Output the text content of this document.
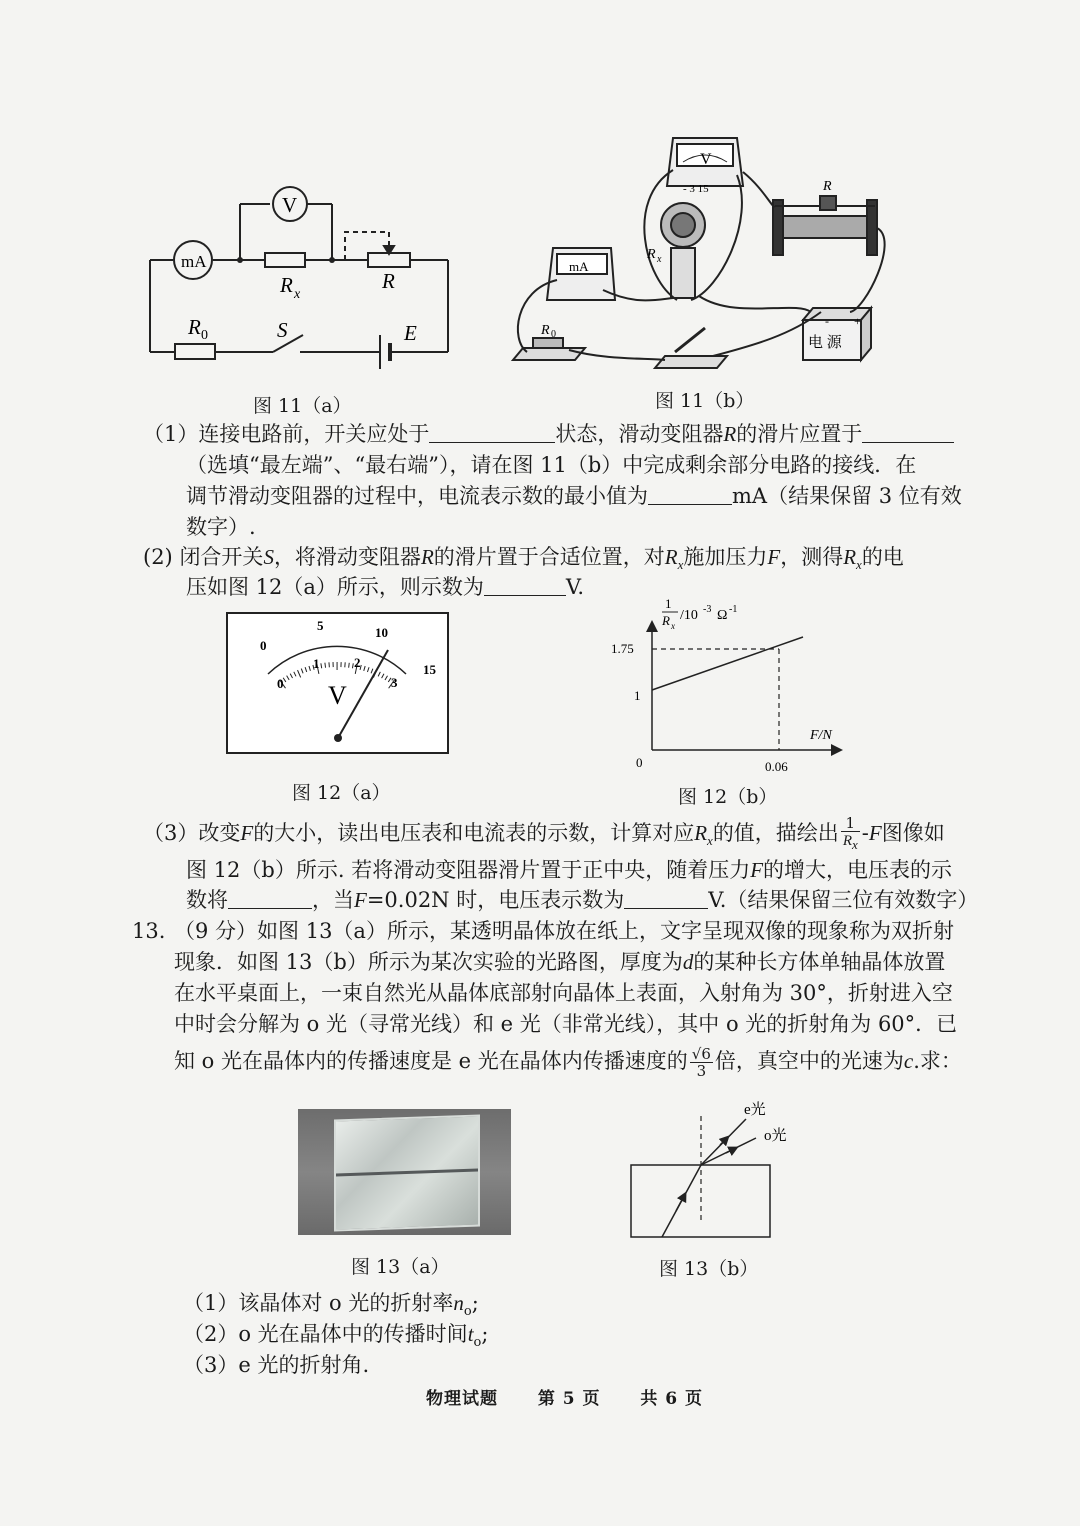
mA
V
R x
R
R 0	S	E
图 11（a）
V
- 3 15
mA
R x
R
R 0
电 源
+
-
图 11（b）
（1）连接电路前，开关应处于	状态，滑动变阻器R的滑片应置于
（选填“最左端”、“最右端”），请在图 11（b）中完成剩余部分电路的接线．在
调节滑动变阻器的过程中，电流表示数的最小值为	mA（结果保留 3 位有效
数字）.
(2) 闭合开关S，将滑动变阻器R的滑片置于合适位置，对$R_x$施加压力F，测得$R_x$的电
压如图 12（a）所示，则示数为	V.
0
5	10
15
0
1	2
3
V
图 12（a）
1
R x
/10 -3 Ω -1
F/N
1.75
1
0	0.06
图 12（b）
（3）改变F的大小，读出电压表和电流表的示数，计算对应$R_x$的值，描绘出 $\frac{1}{R_x} -F$图像如
图 12（b）所示. 若将滑动变阻器滑片置于正中央，随着压力F的增大，电压表的示
数将	，当F=0.02N 时，电压表示数为	V.（结果保留三位有效数字）
13. （9 分）如图 13（a）所示，某透明晶体放在纸上，文字呈现双像的现象称为双折射
现象．如图 13（b）所示为某次实验的光路图，厚度为d的某种长方体单轴晶体放置
在水平桌面上，一束自然光从晶体底部射向晶体上表面，入射角为 30°，折射进入空
中时会分解为 o 光（寻常光线）和 e 光（非常光线），其中 o 光的折射角为 60°．已
知 o 光在晶体内的传播速度是 e 光在晶体内传播速度的 $\frac{√6}{3}$ 倍，真空中的光速为c.求：
图 13（a）
e光
o光
图 13（b）
（1）该晶体对 o 光的折射率$n_o$;
（2）o 光在晶体中的传播时间$t_o$;
（3）e 光的折射角.
物理试题 第 5 页 共 6 页
